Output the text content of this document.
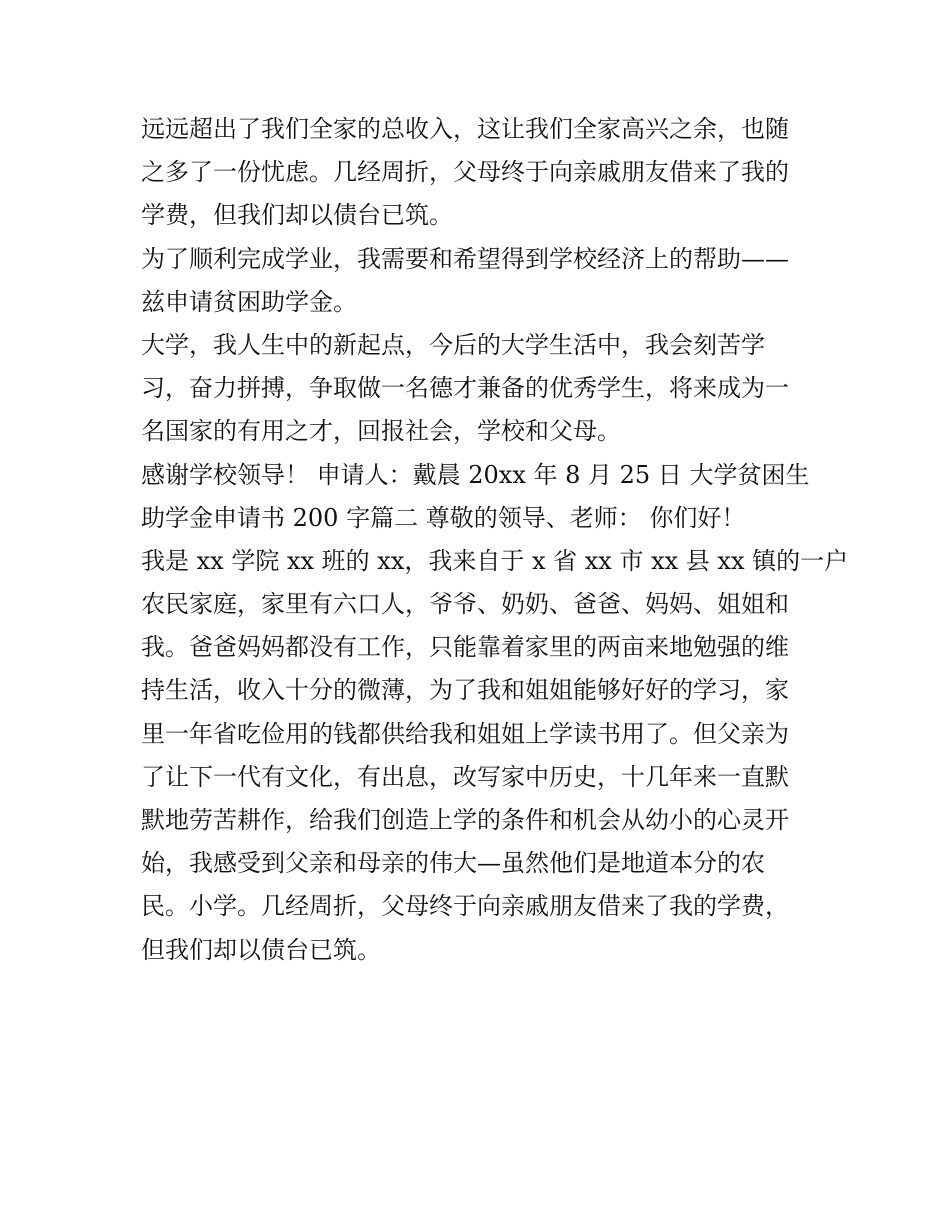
远远超出了我们全家的总收入，这让我们全家高兴之余，也随
之多了一份忧虑。几经周折，父母终于向亲戚朋友借来了我的
学费，但我们却以债台已筑。
为了顺利完成学业，我需要和希望得到学校经济上的帮助——
兹申请贫困助学金。
大学，我人生中的新起点，今后的大学生活中，我会刻苦学
习，奋力拼搏，争取做一名德才兼备的优秀学生，将来成为一
名国家的有用之才，回报社会，学校和父母。
感谢学校领导！ 申请人：戴晨 20xx 年 8 月 25 日 大学贫困生
助学金申请书 200 字篇二 尊敬的领导、老师： 你们好！
我是 xx 学院 xx 班的 xx，我来自于 x 省 xx 市 xx 县 xx 镇的一户
农民家庭，家里有六口人，爷爷、奶奶、爸爸、妈妈、姐姐和
我。爸爸妈妈都没有工作，只能靠着家里的两亩来地勉强的维
持生活，收入十分的微薄，为了我和姐姐能够好好的学习，家
里一年省吃俭用的钱都供给我和姐姐上学读书用了。但父亲为
了让下一代有文化，有出息，改写家中历史，十几年来一直默
默地劳苦耕作，给我们创造上学的条件和机会从幼小的心灵开
始，我感受到父亲和母亲的伟大—虽然他们是地道本分的农
民。小学。几经周折，父母终于向亲戚朋友借来了我的学费，
但我们却以债台已筑。
